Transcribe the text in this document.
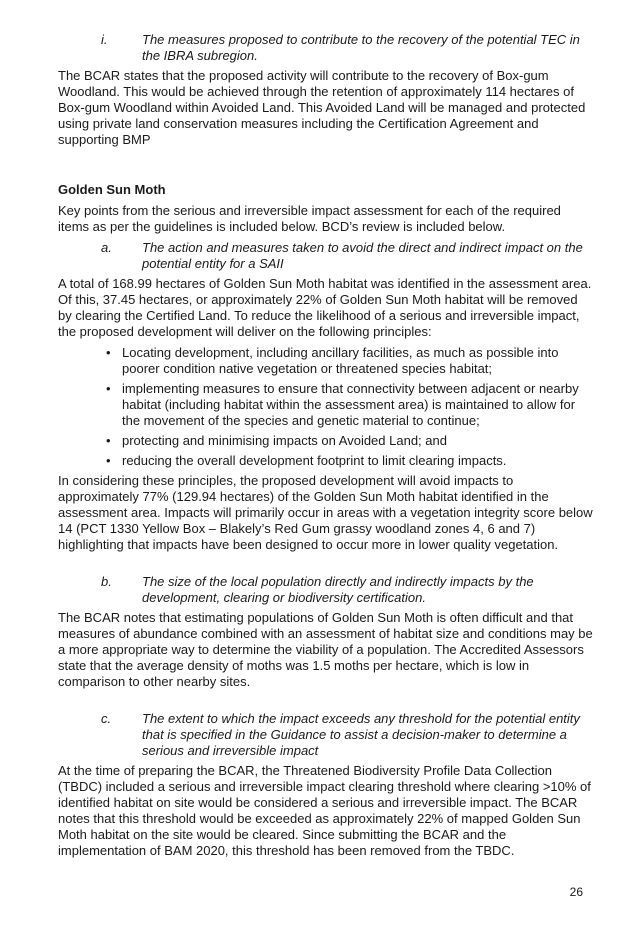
i.	The measures proposed to contribute to the recovery of the potential TEC in the IBRA subregion.

The BCAR states that the proposed activity will contribute to the recovery of Box-gum Woodland. This would be achieved through the retention of approximately 114 hectares of Box-gum Woodland within Avoided Land. This Avoided Land will be managed and protected using private land conservation measures including the Certification Agreement and supporting BMP

Golden Sun Moth

Key points from the serious and irreversible impact assessment for each of the required items as per the guidelines is included below. BCD’s review is included below.

a.	The action and measures taken to avoid the direct and indirect impact on the potential entity for a SAII

A total of 168.99 hectares of Golden Sun Moth habitat was identified in the assessment area. Of this, 37.45 hectares, or approximately 22% of Golden Sun Moth habitat will be removed by clearing the Certified Land. To reduce the likelihood of a serious and irreversible impact, the proposed development will deliver on the following principles:

• Locating development, including ancillary facilities, as much as possible into poorer condition native vegetation or threatened species habitat;
• implementing measures to ensure that connectivity between adjacent or nearby habitat (including habitat within the assessment area) is maintained to allow for the movement of the species and genetic material to continue;
• protecting and minimising impacts on Avoided Land; and
• reducing the overall development footprint to limit clearing impacts.

In considering these principles, the proposed development will avoid impacts to approximately 77% (129.94 hectares) of the Golden Sun Moth habitat identified in the assessment area. Impacts will primarily occur in areas with a vegetation integrity score below 14 (PCT 1330 Yellow Box – Blakely’s Red Gum grassy woodland zones 4, 6 and 7) highlighting that impacts have been designed to occur more in lower quality vegetation.

b.	The size of the local population directly and indirectly impacts by the development, clearing or biodiversity certification.

The BCAR notes that estimating populations of Golden Sun Moth is often difficult and that measures of abundance combined with an assessment of habitat size and conditions may be a more appropriate way to determine the viability of a population. The Accredited Assessors state that the average density of moths was 1.5 moths per hectare, which is low in comparison to other nearby sites.

c.	The extent to which the impact exceeds any threshold for the potential entity that is specified in the Guidance to assist a decision-maker to determine a serious and irreversible impact

At the time of preparing the BCAR, the Threatened Biodiversity Profile Data Collection (TBDC) included a serious and irreversible impact clearing threshold where clearing >10% of identified habitat on site would be considered a serious and irreversible impact. The BCAR notes that this threshold would be exceeded as approximately 22% of mapped Golden Sun Moth habitat on the site would be cleared. Since submitting the BCAR and the implementation of BAM 2020, this threshold has been removed from the TBDC.

26
